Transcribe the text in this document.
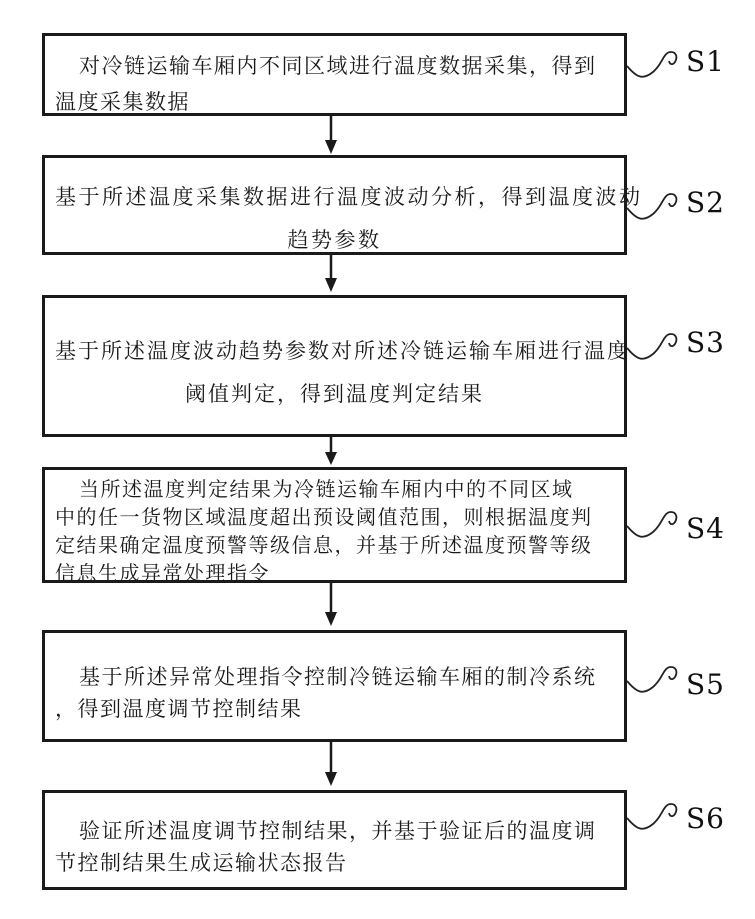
对冷链运输车厢内不同区域进行温度数据采集，得到
温度采集数据
S1
基于所述温度采集数据进行温度波动分析，得到温度波动
趋势参数
S2
基于所述温度波动趋势参数对所述冷链运输车厢进行温度
阈值判定，得到温度判定结果
S3
当所述温度判定结果为冷链运输车厢内中的不同区域
中的任一货物区域温度超出预设阈值范围，则根据温度判
定结果确定温度预警等级信息，并基于所述温度预警等级
信息生成异常处理指令
S4
基于所述异常处理指令控制冷链运输车厢的制冷系统
，得到温度调节控制结果
S5
验证所述温度调节控制结果，并基于验证后的温度调
节控制结果生成运输状态报告
S6
